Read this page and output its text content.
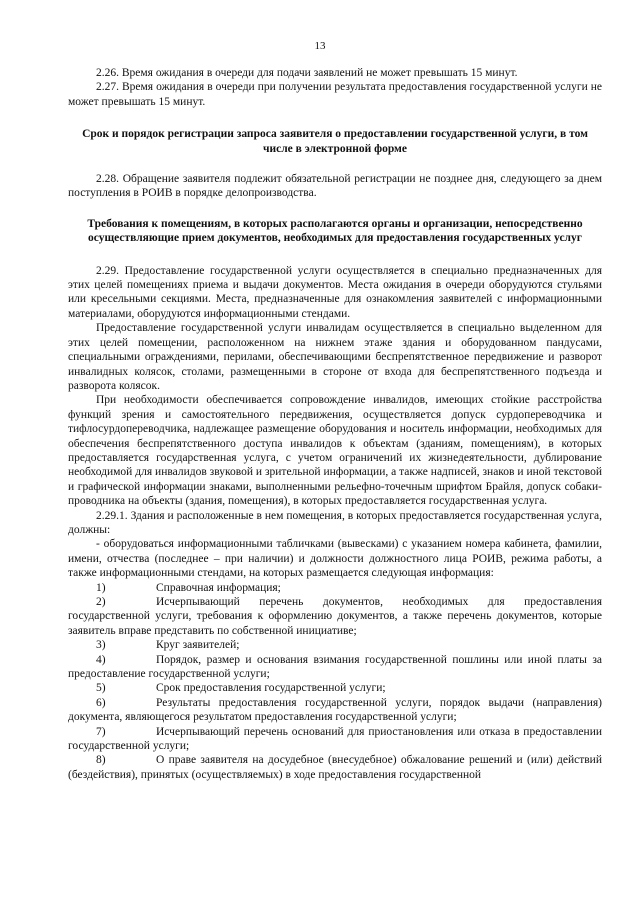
13

2.26. Время ожидания в очереди для подачи заявлений не может превышать 15 минут.

2.27. Время ожидания в очереди при получении результата предоставления государственной услуги не может превышать 15 минут.

Срок и порядок регистрации запроса заявителя о предоставлении государственной услуги, в том числе в электронной форме

2.28. Обращение заявителя подлежит обязательной регистрации не позднее дня, следующего за днем поступления в РОИВ в порядке делопроизводства.

Требования к помещениям, в которых располагаются органы и организации, непосредственно осуществляющие прием документов, необходимых для предоставления государственных услуг

2.29. Предоставление государственной услуги осуществляется в специально предназначенных для этих целей помещениях приема и выдачи документов. Места ожидания в очереди оборудуются стульями или кресельными секциями. Места, предназначенные для ознакомления заявителей с информационными материалами, оборудуются информационными стендами.

Предоставление государственной услуги инвалидам осуществляется в специально выделенном для этих целей помещении, расположенном на нижнем этаже здания и оборудованном пандусами, специальными ограждениями, перилами, обеспечивающими беспрепятственное передвижение и разворот инвалидных колясок, столами, размещенными в стороне от входа для беспрепятственного подъезда и разворота колясок.

При необходимости обеспечивается сопровождение инвалидов, имеющих стойкие расстройства функций зрения и самостоятельного передвижения, осуществляется допуск сурдопереводчика и тифлосурдопереводчика, надлежащее размещение оборудования и носитель информации, необходимых для обеспечения беспрепятственного доступа инвалидов к объектам (зданиям, помещениям), в которых предоставляется государственная услуга, с учетом ограничений их жизнедеятельности, дублирование необходимой для инвалидов звуковой и зрительной информации, а также надписей, знаков и иной текстовой и графической информации знаками, выполненными рельефно-точечным шрифтом Брайля, допуск собаки-проводника на объекты (здания, помещения), в которых предоставляется государственная услуга.

2.29.1. Здания и расположенные в нем помещения, в которых предоставляется государственная услуга, должны:

- оборудоваться информационными табличками (вывесками) с указанием номера кабинета, фамилии, имени, отчества (последнее – при наличии) и должности должностного лица РОИВ, режима работы, а также информационными стендами, на которых размещается следующая информация:

1)	Справочная информация;

2)	Исчерпывающий перечень документов, необходимых для предоставления государственной услуги, требования к оформлению документов, а также перечень документов, которые заявитель вправе представить по собственной инициативе;

3)	Круг заявителей;

4)	Порядок, размер и основания взимания государственной пошлины или иной платы за предоставление государственной услуги;

5)	Срок предоставления государственной услуги;

6)	Результаты предоставления государственной услуги, порядок выдачи (направления) документа, являющегося результатом предоставления государственной услуги;

7)	Исчерпывающий перечень оснований для приостановления или отказа в предоставлении государственной услуги;

8)	О праве заявителя на досудебное (внесудебное) обжалование решений и (или) действий (бездействия), принятых (осуществляемых) в ходе предоставления государственной
